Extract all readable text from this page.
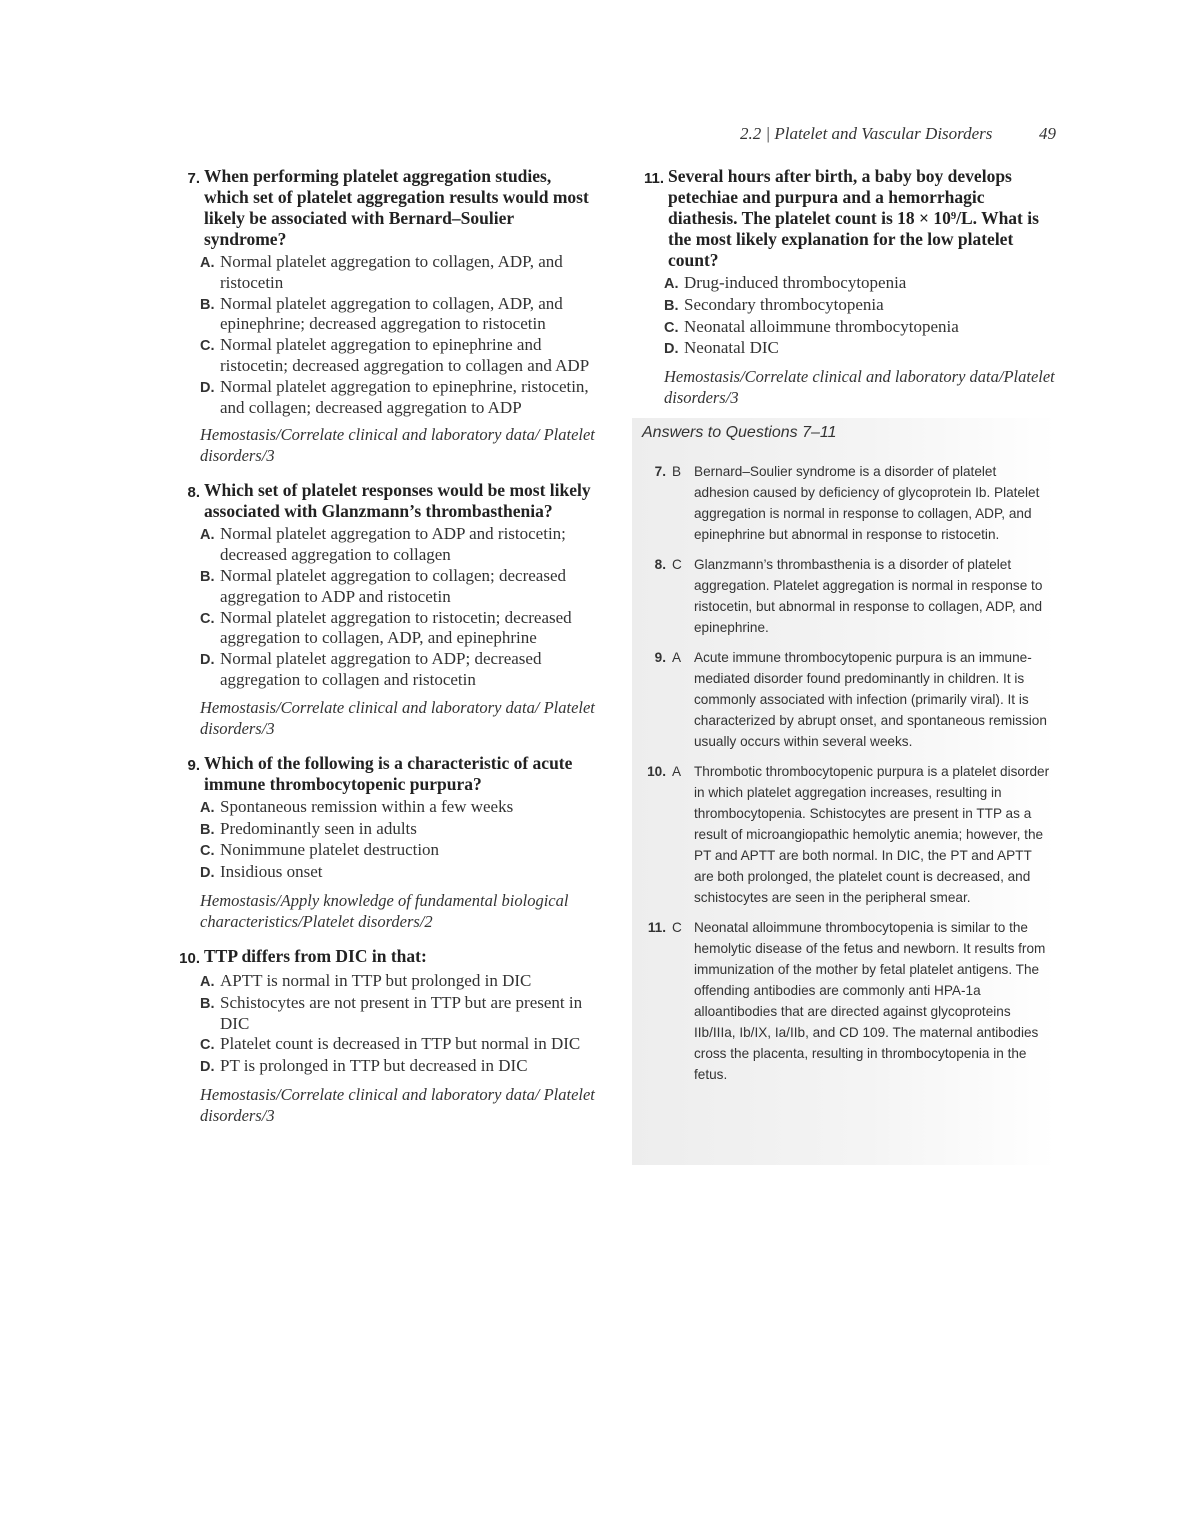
2.2 | Platelet and Vascular Disorders	49
7. When performing platelet aggregation studies, which set of platelet aggregation results would most likely be associated with Bernard–Soulier syndrome?
A. Normal platelet aggregation to collagen, ADP, and ristocetin
B. Normal platelet aggregation to collagen, ADP, and epinephrine; decreased aggregation to ristocetin
C. Normal platelet aggregation to epinephrine and ristocetin; decreased aggregation to collagen and ADP
D. Normal platelet aggregation to epinephrine, ristocetin, and collagen; decreased aggregation to ADP
Hemostasis/Correlate clinical and laboratory data/ Platelet disorders/3
8. Which set of platelet responses would be most likely associated with Glanzmann’s thrombasthenia?
A. Normal platelet aggregation to ADP and ristocetin; decreased aggregation to collagen
B. Normal platelet aggregation to collagen; decreased aggregation to ADP and ristocetin
C. Normal platelet aggregation to ristocetin; decreased aggregation to collagen, ADP, and epinephrine
D. Normal platelet aggregation to ADP; decreased aggregation to collagen and ristocetin
Hemostasis/Correlate clinical and laboratory data/ Platelet disorders/3
9. Which of the following is a characteristic of acute immune thrombocytopenic purpura?
A. Spontaneous remission within a few weeks
B. Predominantly seen in adults
C. Nonimmune platelet destruction
D. Insidious onset
Hemostasis/Apply knowledge of fundamental biological characteristics/Platelet disorders/2
10. TTP differs from DIC in that:
A. APTT is normal in TTP but prolonged in DIC
B. Schistocytes are not present in TTP but are present in DIC
C. Platelet count is decreased in TTP but normal in DIC
D. PT is prolonged in TTP but decreased in DIC
Hemostasis/Correlate clinical and laboratory data/ Platelet disorders/3
11. Several hours after birth, a baby boy develops petechiae and purpura and a hemorrhagic diathesis. The platelet count is 18 × 10⁹/L. What is the most likely explanation for the low platelet count?
A. Drug-induced thrombocytopenia
B. Secondary thrombocytopenia
C. Neonatal alloimmune thrombocytopenia
D. Neonatal DIC
Hemostasis/Correlate clinical and laboratory data/Platelet disorders/3
Answers to Questions 7–11
7. B Bernard–Soulier syndrome is a disorder of platelet adhesion caused by deficiency of glycoprotein Ib. Platelet aggregation is normal in response to collagen, ADP, and epinephrine but abnormal in response to ristocetin.
8. C Glanzmann’s thrombasthenia is a disorder of platelet aggregation. Platelet aggregation is normal in response to ristocetin, but abnormal in response to collagen, ADP, and epinephrine.
9. A Acute immune thrombocytopenic purpura is an immune-mediated disorder found predominantly in children. It is commonly associated with infection (primarily viral). It is characterized by abrupt onset, and spontaneous remission usually occurs within several weeks.
10. A Thrombotic thrombocytopenic purpura is a platelet disorder in which platelet aggregation increases, resulting in thrombocytopenia. Schistocytes are present in TTP as a result of microangiopathic hemolytic anemia; however, the PT and APTT are both normal. In DIC, the PT and APTT are both prolonged, the platelet count is decreased, and schistocytes are seen in the peripheral smear.
11. C Neonatal alloimmune thrombocytopenia is similar to the hemolytic disease of the fetus and newborn. It results from immunization of the mother by fetal platelet antigens. The offending antibodies are commonly anti HPA-1a alloantibodies that are directed against glycoproteins IIb/IIIa, Ib/IX, Ia/IIb, and CD 109. The maternal antibodies cross the placenta, resulting in thrombocytopenia in the fetus.
